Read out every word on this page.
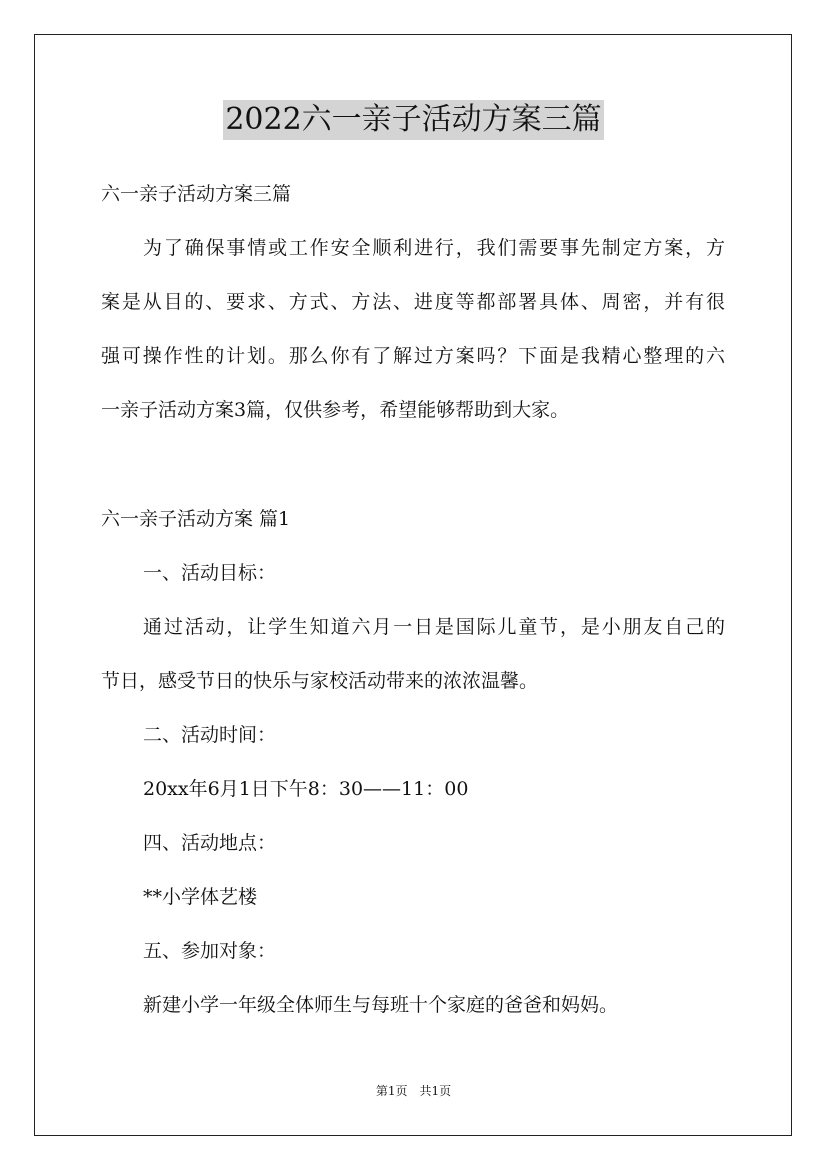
2022六一亲子活动方案三篇
六一亲子活动方案三篇
为了确保事情或工作安全顺利进行，我们需要事先制定方案，方
案是从目的、要求、方式、方法、进度等都部署具体、周密，并有很
强可操作性的计划。那么你有了解过方案吗？下面是我精心整理的六
一亲子活动方案3篇，仅供参考，希望能够帮助到大家。
六一亲子活动方案 篇1
一、活动目标：
通过活动，让学生知道六月一日是国际儿童节，是小朋友自己的
节日，感受节日的快乐与家校活动带来的浓浓温馨。
二、活动时间：
20xx年6月1日下午8：30——11：00
四、活动地点：
**小学体艺楼
五、参加对象：
新建小学一年级全体师生与每班十个家庭的爸爸和妈妈。
第1页　共1页
